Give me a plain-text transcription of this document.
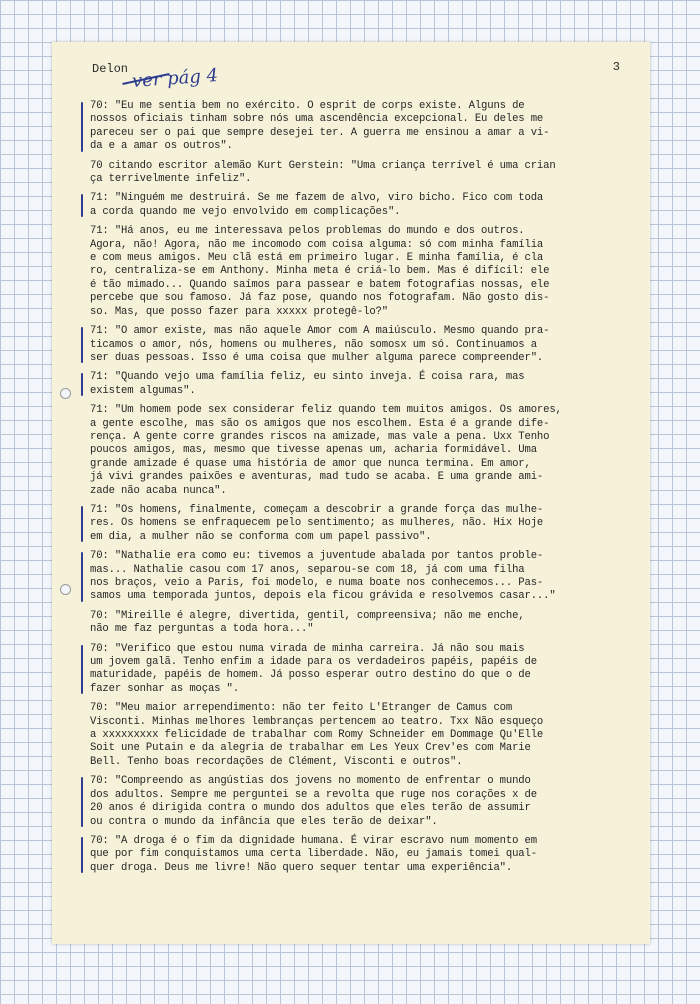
Delon ver pág 4	3

70: "Eu me sentia bem no exército. O esprit de corps existe. Alguns de
nossos oficiais tinham sobre nós uma ascendência excepcional. Eu deles me
pareceu ser o pai que sempre desejei ter. A guerra me ensinou a amar a vi-
da e a amar os outros".

70 citando escritor alemão Kurt Gerstein: "Uma criança terrível é uma crian
ça terrivelmente infeliz".

71: "Ninguém me destruirá. Se me fazem de alvo, viro bicho. Fico com toda
a corda quando me vejo envolvido em complicações".

71: "Há anos, eu me interessava pelos problemas do mundo e dos outros.
Agora, não! Agora, não me incomodo com coisa alguma: só com minha família
e com meus amigos. Meu clã está em primeiro lugar. E minha família, é cla
ro, centraliza-se em Anthony. Minha meta é criá-lo bem. Mas é difícil: ele
é tão mimado... Quando saímos para passear e batem fotografias nossas, ele
percebe que sou famoso. Já faz pose, quando nos fotografam. Não gosto dis-
so. Mas, que posso fazer para xxxxx protegê-lo?"

71: "O amor existe, mas não aquele Amor com A maiúsculo. Mesmo quando pra-
ticamos o amor, nós, homens ou mulheres, não somosx um só. Continuamos a
ser duas pessoas. Isso é uma coisa que mulher alguma parece compreender".

71: "Quando vejo uma família feliz, eu sinto inveja. É coisa rara, mas
existem algumas".

71: "Um homem pode sex considerar feliz quando tem muitos amigos. Os amores,
a gente escolhe, mas são os amigos que nos escolhem. Esta é a grande dife-
rença. A gente corre grandes riscos na amizade, mas vale a pena. Uxx Tenho
poucos amigos, mas, mesmo que tivesse apenas um, acharia formidável. Uma
grande amizade é quase uma história de amor que nunca termina. Em amor,
já vivi grandes paixões e aventuras, mad tudo se acaba. E uma grande ami-
zade não acaba nunca".

71: "Os homens, finalmente, começam a descobrir a grande força das mulhe-
res. Os homens se enfraquecem pelo sentimento; as mulheres, não. Hix Hoje
em dia, a mulher não se conforma com um papel passivo".

70: "Nathalie era como eu: tivemos a juventude abalada por tantos proble-
mas... Nathalie casou com 17 anos, separou-se com 18, já com uma filha
nos braços, veio a Paris, foi modelo, e numa boate nos conhecemos... Pas-
samos uma temporada juntos, depois ela ficou grávida e resolvemos casar..."

70: "Mireille é alegre, divertida, gentil, compreensiva; não me enche,
não me faz perguntas a toda hora..."

70: "Verifico que estou numa virada de minha carreira. Já não sou mais
um jovem galã. Tenho enfim a idade para os verdadeiros papéis, papéis de
maturidade, papéis de homem. Já posso esperar outro destino do que o de
fazer sonhar as moças ".

70: "Meu maior arrependimento: não ter feito L'Etranger de Camus com
Visconti. Minhas melhores lembranças pertencem ao teatro. Txx Não esqueço
a xxxxxxxxx felicidade de trabalhar com Romy Schneider em Dommage Qu'Elle
Soit une Putain e da alegria de trabalhar em Les Yeux Crev'es com Marie
Bell. Tenho boas recordações de Clément, Visconti e outros".

70: "Compreendo as angústias dos jovens no momento de enfrentar o mundo
dos adultos. Sempre me perguntei se a revolta que ruge nos corações x de
20 anos é dirigida contra o mundo dos adultos que eles terão de assumir
ou contra o mundo da infância que eles terão de deixar".

70: "A droga é o fim da dignidade humana. É virar escravo num momento em
que por fim conquistamos uma certa liberdade. Não, eu jamais tomei qual-
quer droga. Deus me livre! Não quero sequer tentar uma experiência".
